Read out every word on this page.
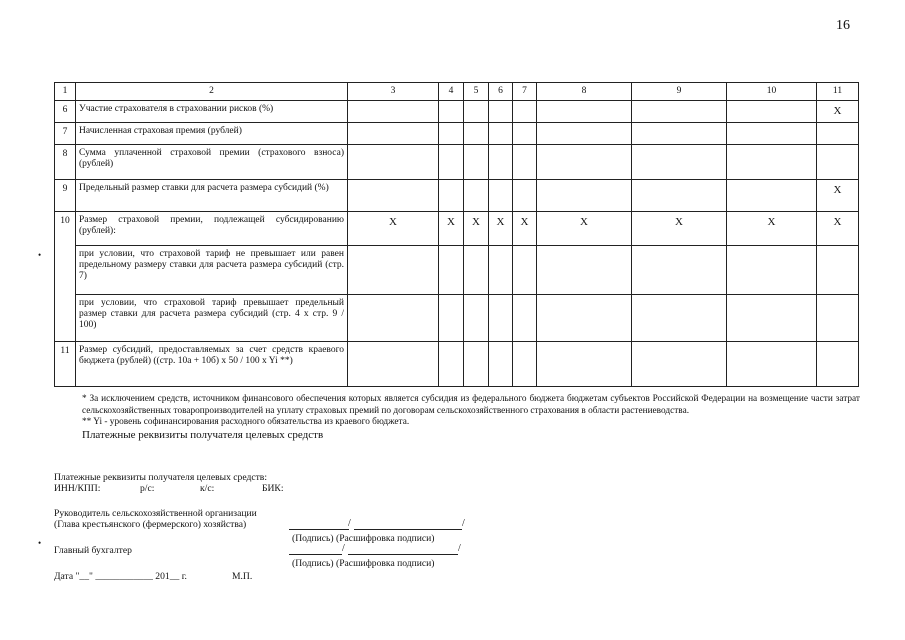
16
•
•
1	2	3	4	5	6	7	8	9	10	11
6	Участие страхователя в страховании рисков (%)									X
7	Начисленная страховая премия (рублей)									
8	Сумма уплаченной страховой премии (страхового взноса) (рублей)									
9	Предельный размер ставки для расчета размера субсидий (%)									X
10	Размер страховой премии, подлежащей субсидированию (рублей):	X	X	X	X	X	X	X	X	X
	при условии, что страховой тариф не превышает или равен предельному размеру ставки для расчета размера субсидий (стр. 7)									
	при условии, что страховой тариф превышает предельный размер ставки для расчета размера субсидий (стр. 4 x стр. 9 / 100)									
11	Размер субсидий, предоставляемых за счет средств краевого бюджета (рублей) ((стр. 10а + 10б) x 50 / 100 x Yi **)									

* За исключением средств, источником финансового обеспечения которых является субсидия из федерального бюджета бюджетам субъектов Российской Федерации на возмещение части затрат сельскохозяйственных товаропроизводителей на уплату страховых премий по договорам сельскохозяйственного страхования в области растениеводства.

** Yi - уровень софинансирования расходного обязательства из краевого бюджета.

Платежные реквизиты получателя целевых средств

Платежные реквизиты получателя целевых средств:
ИНН/КПП:	р/с:	к/с:	БИК:
Руководитель сельскохозяйственной организации
(Глава крестьянского (фермерского) хозяйства)	/	/
(Подпись) (Расшифровка подписи)
Главный бухгалтер	/	/
(Подпись) (Расшифровка подписи)
Дата "__" ____________ 201__ г.	М.П.
